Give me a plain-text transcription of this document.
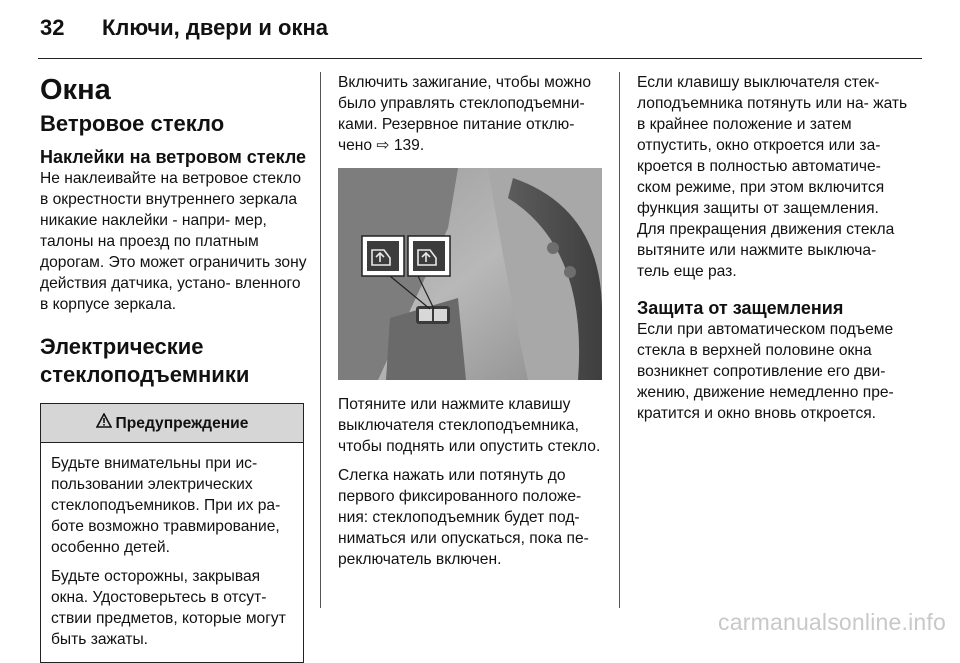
32	Ключи, двери и окна
Окна
Ветровое стекло
Наклейки на ветровом стекле

Не наклеивайте на ветровое стекло в окрестности внутреннего зеркала никакие наклейки - напри- мер, талоны на проезд по платным дорогам. Это может ограничить зону действия датчика, устано- вленного в корпусе зеркала.

Электрические стеклоподъемники
Предупреждение

Будьте внимательны при ис- пользовании электрических стеклоподъемников. При их ра- боте возможно травмирование, особенно детей.

Будьте осторожны, закрывая окна. Удостоверьтесь в отсут- ствии предметов, которые могут быть зажаты.

Включить зажигание, чтобы можно было управлять стеклоподъемни- ками. Резервное питание отклю- чено ⇨ 139.

Потяните или нажмите клавишу выключателя стеклоподъемника, чтобы поднять или опустить стекло.

Слегка нажать или потянуть до первого фиксированного положе- ния: стеклоподъемник будет под- ниматься или опускаться, пока пе- реключатель включен.

Если клавишу выключателя стек- лоподъемника потянуть или на- жать в крайнее положение и затем отпустить, окно откроется или за- кроется в полностью автоматиче- ском режиме, при этом включится функция защиты от защемления. Для прекращения движения стекла вытяните или нажмите выключа- тель еще раз.

Защита от защемления

Если при автоматическом подъеме стекла в верхней половине окна возникнет сопротивление его дви- жению, движение немедленно пре- кратится и окно вновь откроется.

carmanualsonline.info
